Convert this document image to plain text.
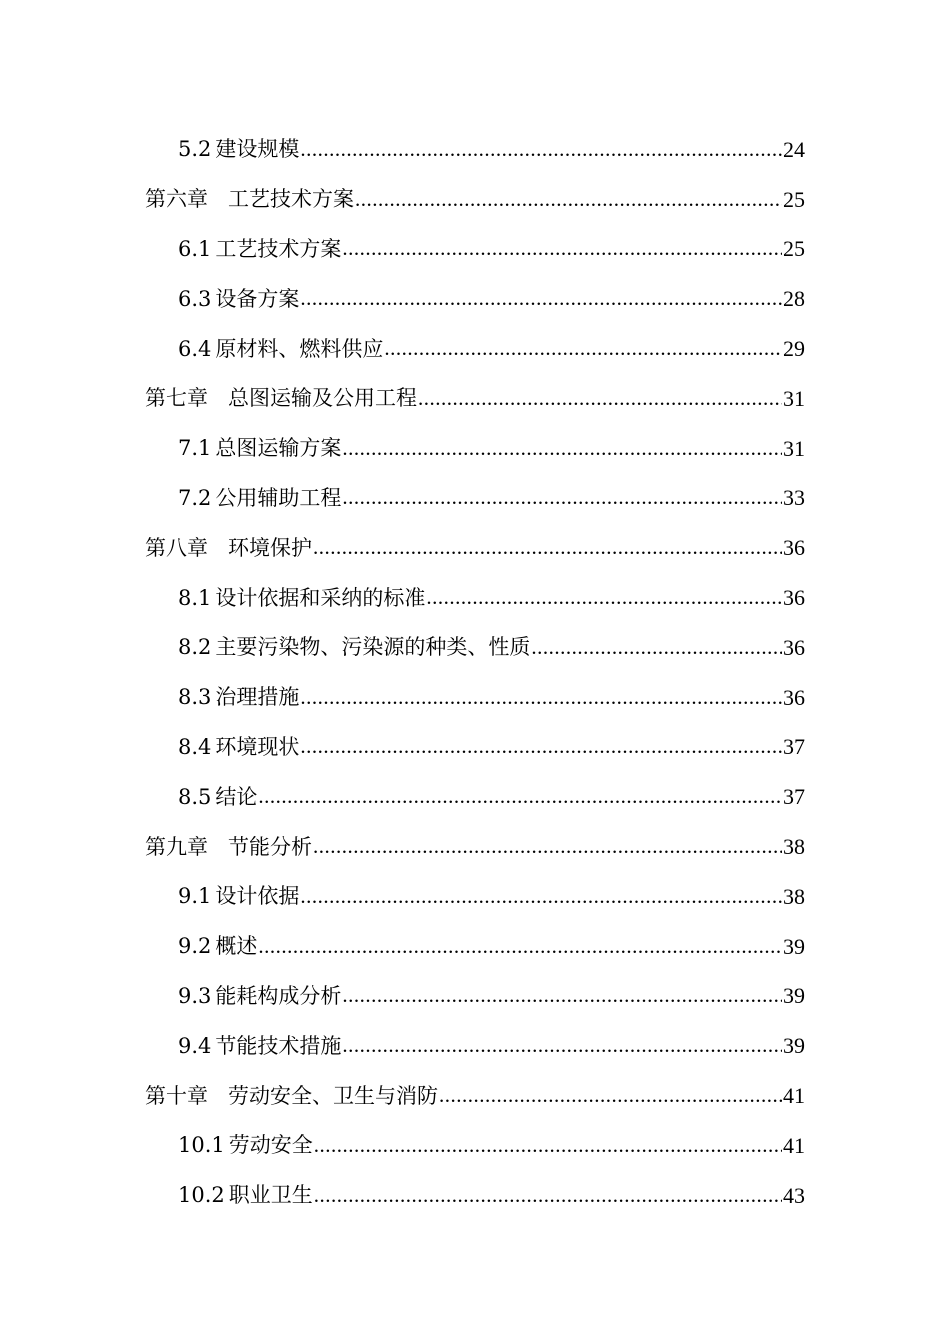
5.2 建设规模 .....	24
第六章 工艺技术方案 .....	25
6.1 工艺技术方案 .....	25
6.3 设备方案 .....	28
6.4 原材料、燃料供应 .....	29
第七章 总图运输及公用工程 .....	31
7.1 总图运输方案 .....	31
7.2 公用辅助工程 .....	33
第八章 环境保护 .....	36
8.1 设计依据和采纳的标准 .....	36
8.2 主要污染物、污染源的种类、性质 .....	36
8.3 治理措施 .....	36
8.4 环境现状 .....	37
8.5 结论 .....	37
第九章 节能分析 .....	38
9.1 设计依据 .....	38
9.2 概述 .....	39
9.3 能耗构成分析 .....	39
9.4 节能技术措施 .....	39
第十章 劳动安全、卫生与消防 .....	41
10.1 劳动安全 .....	41
10.2 职业卫生 .....	43
